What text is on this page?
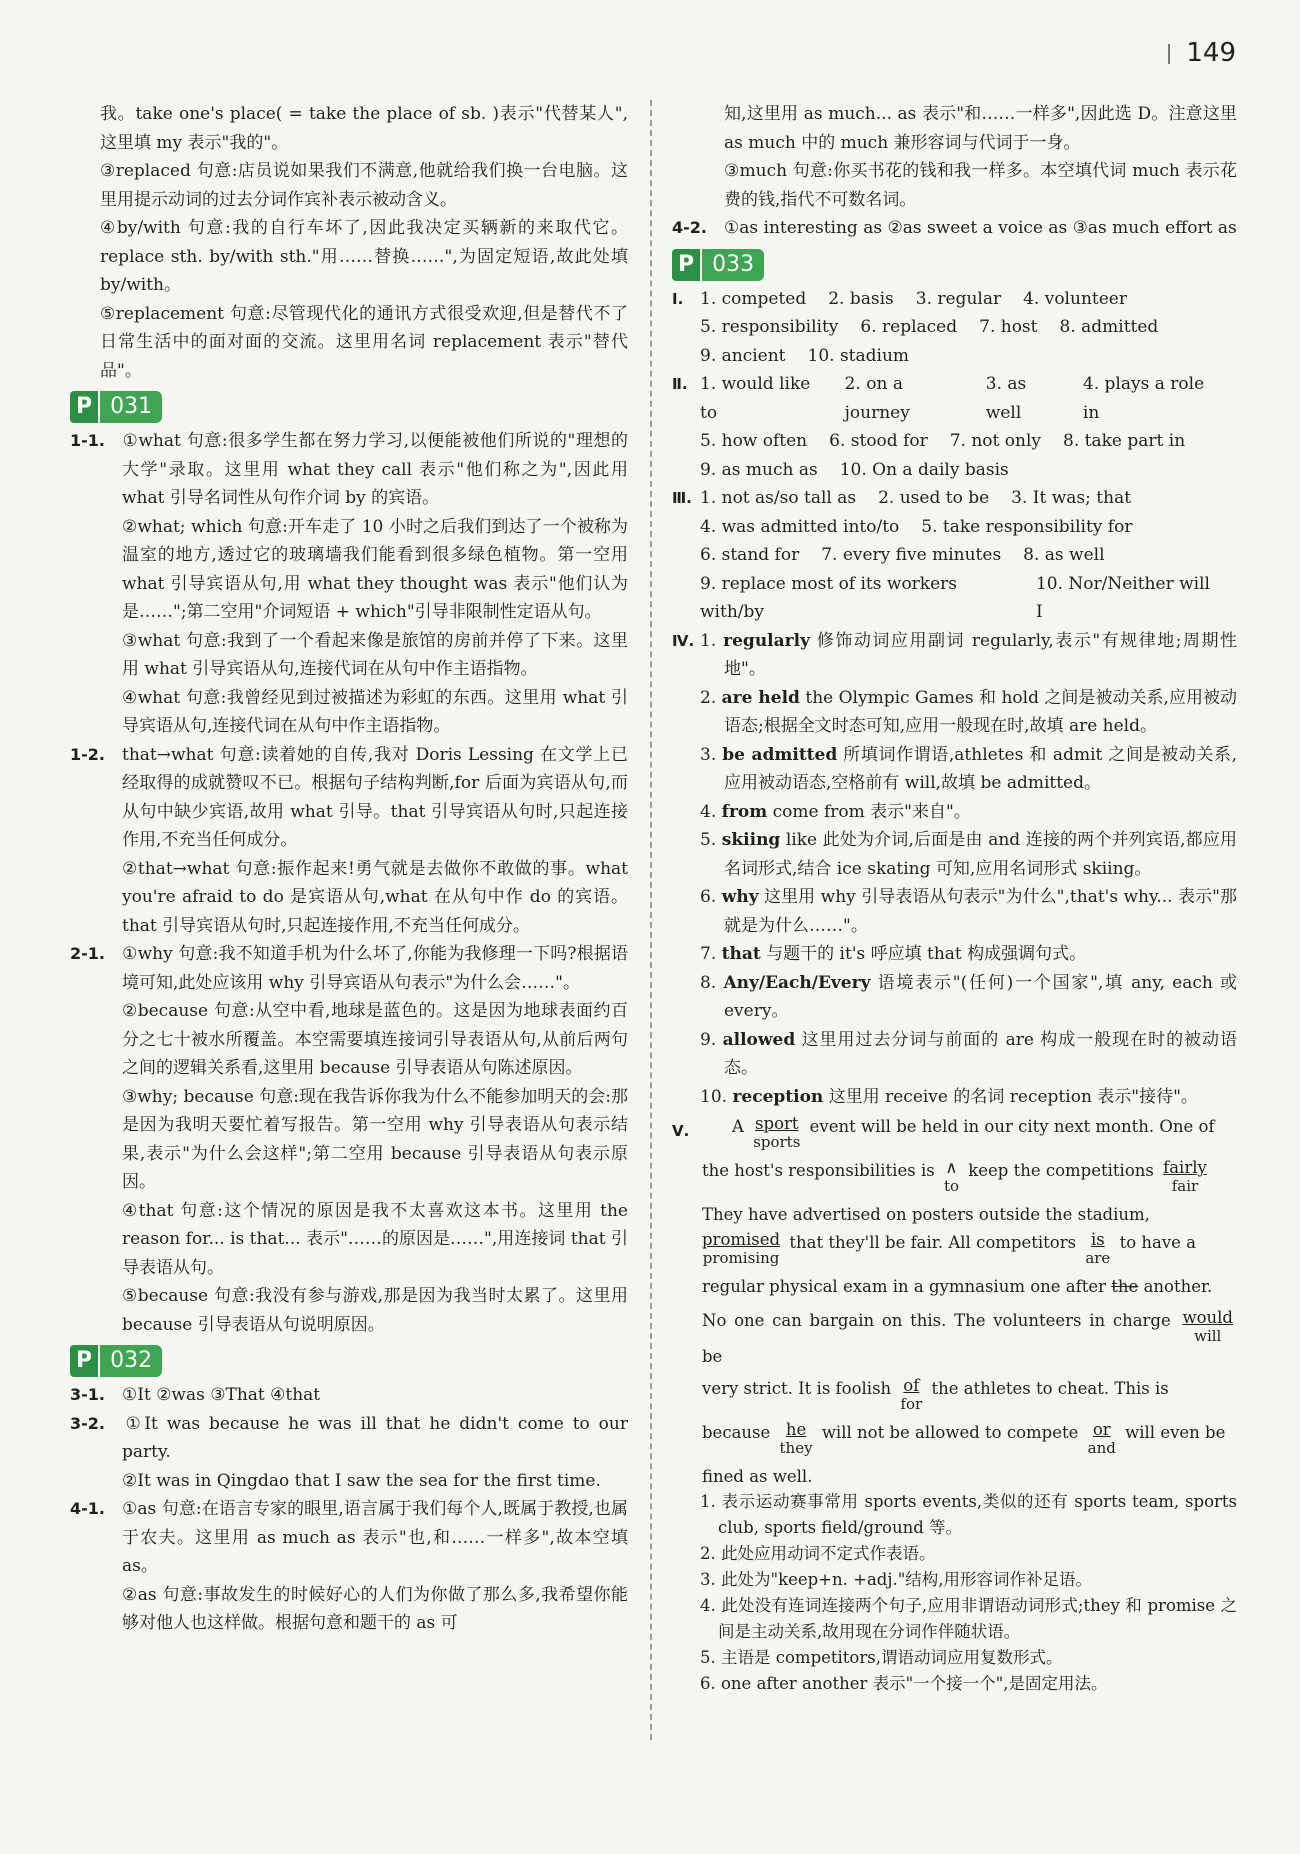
149

我。take one's place( = take the place of sb. )表示"代替某人",这里填 my 表示"我的"。

③replaced 句意:店员说如果我们不满意,他就给我们换一台电脑。这里用提示动词的过去分词作宾补表示被动含义。

④by/with 句意:我的自行车坏了,因此我决定买辆新的来取代它。replace sth. by/with sth."用……替换……",为固定短语,故此处填 by/with。

⑤replacement 句意:尽管现代化的通讯方式很受欢迎,但是替代不了日常生活中的面对面的交流。这里用名词 replacement 表示"替代品"。

P 031

1-1. ①what 句意:很多学生都在努力学习,以便能被他们所说的"理想的大学"录取。这里用 what they call 表示"他们称之为",因此用 what 引导名词性从句作介词 by 的宾语。

②what; which 句意:开车走了 10 小时之后我们到达了一个被称为温室的地方,透过它的玻璃墙我们能看到很多绿色植物。第一空用 what 引导宾语从句,用 what they thought was 表示"他们认为是……";第二空用"介词短语 + which"引导非限制性定语从句。

③what 句意:我到了一个看起来像是旅馆的房前并停了下来。这里用 what 引导宾语从句,连接代词在从句中作主语指物。

④what 句意:我曾经见到过被描述为彩虹的东西。这里用 what 引导宾语从句,连接代词在从句中作主语指物。

1-2. that→what 句意:读着她的自传,我对 Doris Lessing 在文学上已经取得的成就赞叹不已。根据句子结构判断,for 后面为宾语从句,而从句中缺少宾语,故用 what 引导。that 引导宾语从句时,只起连接作用,不充当任何成分。

②that→what 句意:振作起来!勇气就是去做你不敢做的事。what you're afraid to do 是宾语从句,what 在从句中作 do 的宾语。that 引导宾语从句时,只起连接作用,不充当任何成分。

2-1. ①why 句意:我不知道手机为什么坏了,你能为我修理一下吗?根据语境可知,此处应该用 why 引导宾语从句表示"为什么会……"。

②because 句意:从空中看,地球是蓝色的。这是因为地球表面约百分之七十被水所覆盖。本空需要填连接词引导表语从句,从前后两句之间的逻辑关系看,这里用 because 引导表语从句陈述原因。

③why; because 句意:现在我告诉你我为什么不能参加明天的会:那是因为我明天要忙着写报告。第一空用 why 引导表语从句表示结果,表示"为什么会这样";第二空用 because 引导表语从句表示原因。

④that 句意:这个情况的原因是我不太喜欢这本书。这里用 the reason for... is that... 表示"……的原因是……",用连接词 that 引导表语从句。

⑤because 句意:我没有参与游戏,那是因为我当时太累了。这里用 because 引导表语从句说明原因。

P 032

3-1. ①It ②was ③That ④that

3-2. ①It was because he was ill that he didn't come to our party.

②It was in Qingdao that I saw the sea for the first time.

4-1. ①as 句意:在语言专家的眼里,语言属于我们每个人,既属于教授,也属于农夫。这里用 as much as 表示"也,和……一样多",故本空填 as。

②as 句意:事故发生的时候好心的人们为你做了那么多,我希望你能够对他人也这样做。根据句意和题干的 as 可

知,这里用 as much... as 表示"和……一样多",因此选 D。注意这里 as much 中的 much 兼形容词与代词于一身。

③much 句意:你买书花的钱和我一样多。本空填代词 much 表示花费的钱,指代不可数名词。

4-2. ①as interesting as ②as sweet a voice as ③as much effort as

P 033
Ⅰ. 1. competed 2. basis 3. regular 4. volunteer
5. responsibility 6. replaced 7. host 8. admitted
9. ancient 10. stadium
Ⅱ. 1. would like to
2. on a journey
3. as well
4. plays a role in
5. how often 6. stood for 7. not only 8. take part in
9. as much as 10. On a daily basis
Ⅲ. 1. not as/so tall as 2. used to be 3. It was; that
4. was admitted into/to 5. take responsibility for
6. stand for 7. every five minutes 8. as well
9. replace most of its workers with/by
10. Nor/Neither will I
Ⅳ. 1. regularly 修饰动词应用副词 regularly,表示"有规律地;周期性地"。

2. are held the Olympic Games 和 hold 之间是被动关系,应用被动语态;根据全文时态可知,应用一般现在时,故填 are held。

3. be admitted 所填词作谓语,athletes 和 admit 之间是被动关系,应用被动语态,空格前有 will,故填 be admitted。

4. from come from 表示"来自"。

5. skiing like 此处为介词,后面是由 and 连接的两个并列宾语,都应用名词形式,结合 ice skating 可知,应用名词形式 skiing。

6. why 这里用 why 引导表语从句表示"为什么",that's why... 表示"那就是为什么……"。

7. that 与题干的 it's 呼应填 that 构成强调句式。

8. Any/Each/Every 语境表示"(任何)一个国家",填 any, each 或 every。

9. allowed 这里用过去分词与前面的 are 构成一般现在时的被动语态。

10. reception 这里用 receive 的名词 reception 表示"接待"。

Ⅴ.	A sport
sports
event will be held in our city next month. One of

the host's responsibilities is ∧
to
keep the competitions fairly
fair

They have advertised on posters outside the stadium,

promised
promising
that they'll be fair. All competitors is
are
to have a

regular physical exam in a gymnasium one after the another.

No one can bargain on this. The volunteers in charge would
will
be

very strict. It is foolish of
for
the athletes to cheat. This is

because he
they
will not be allowed to compete or
and
will even be

fined as well.

1. 表示运动赛事常用 sports events,类似的还有 sports team, sports club, sports field/ground 等。

2. 此处应用动词不定式作表语。

3. 此处为"keep+n. +adj."结构,用形容词作补足语。

4. 此处没有连词连接两个句子,应用非谓语动词形式;they 和 promise 之间是主动关系,故用现在分词作伴随状语。

5. 主语是 competitors,谓语动词应用复数形式。

6. one after another 表示"一个接一个",是固定用法。
